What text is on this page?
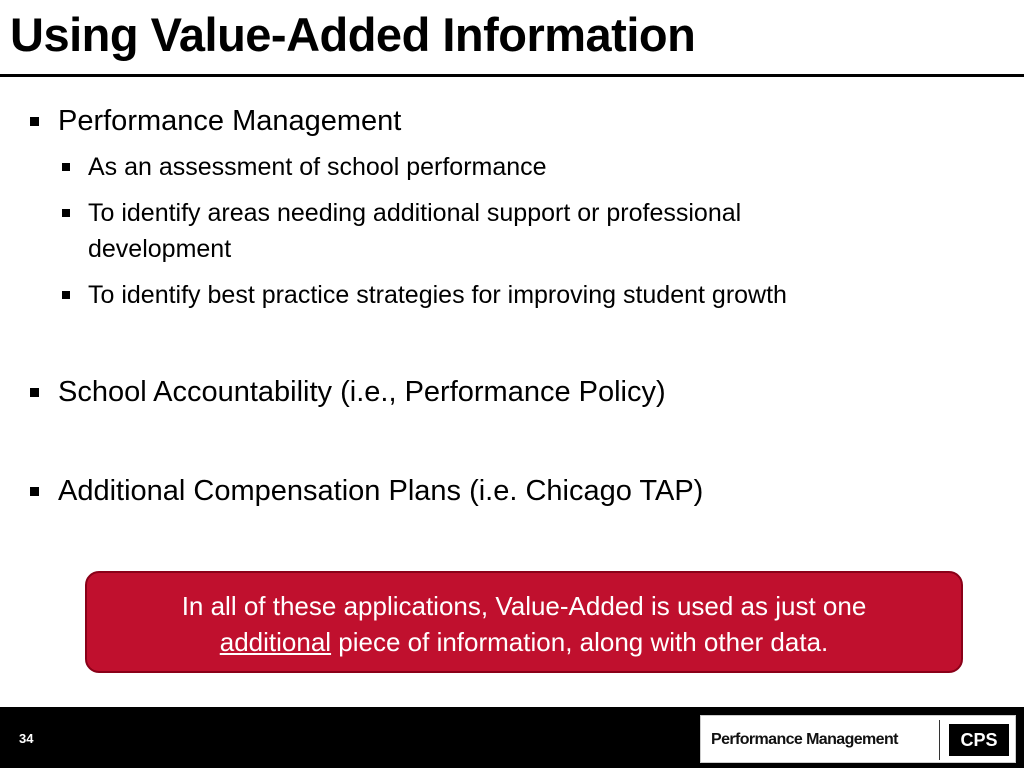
Using Value-Added Information
Performance Management
As an assessment of school performance
To identify areas needing additional support or professional
development
To identify best practice strategies for improving student growth
School Accountability (i.e., Performance Policy)
Additional Compensation Plans (i.e. Chicago TAP)
In all of these applications, Value-Added is used as just one
additional piece of information, along with other data.
34	Performance Management	CPS
